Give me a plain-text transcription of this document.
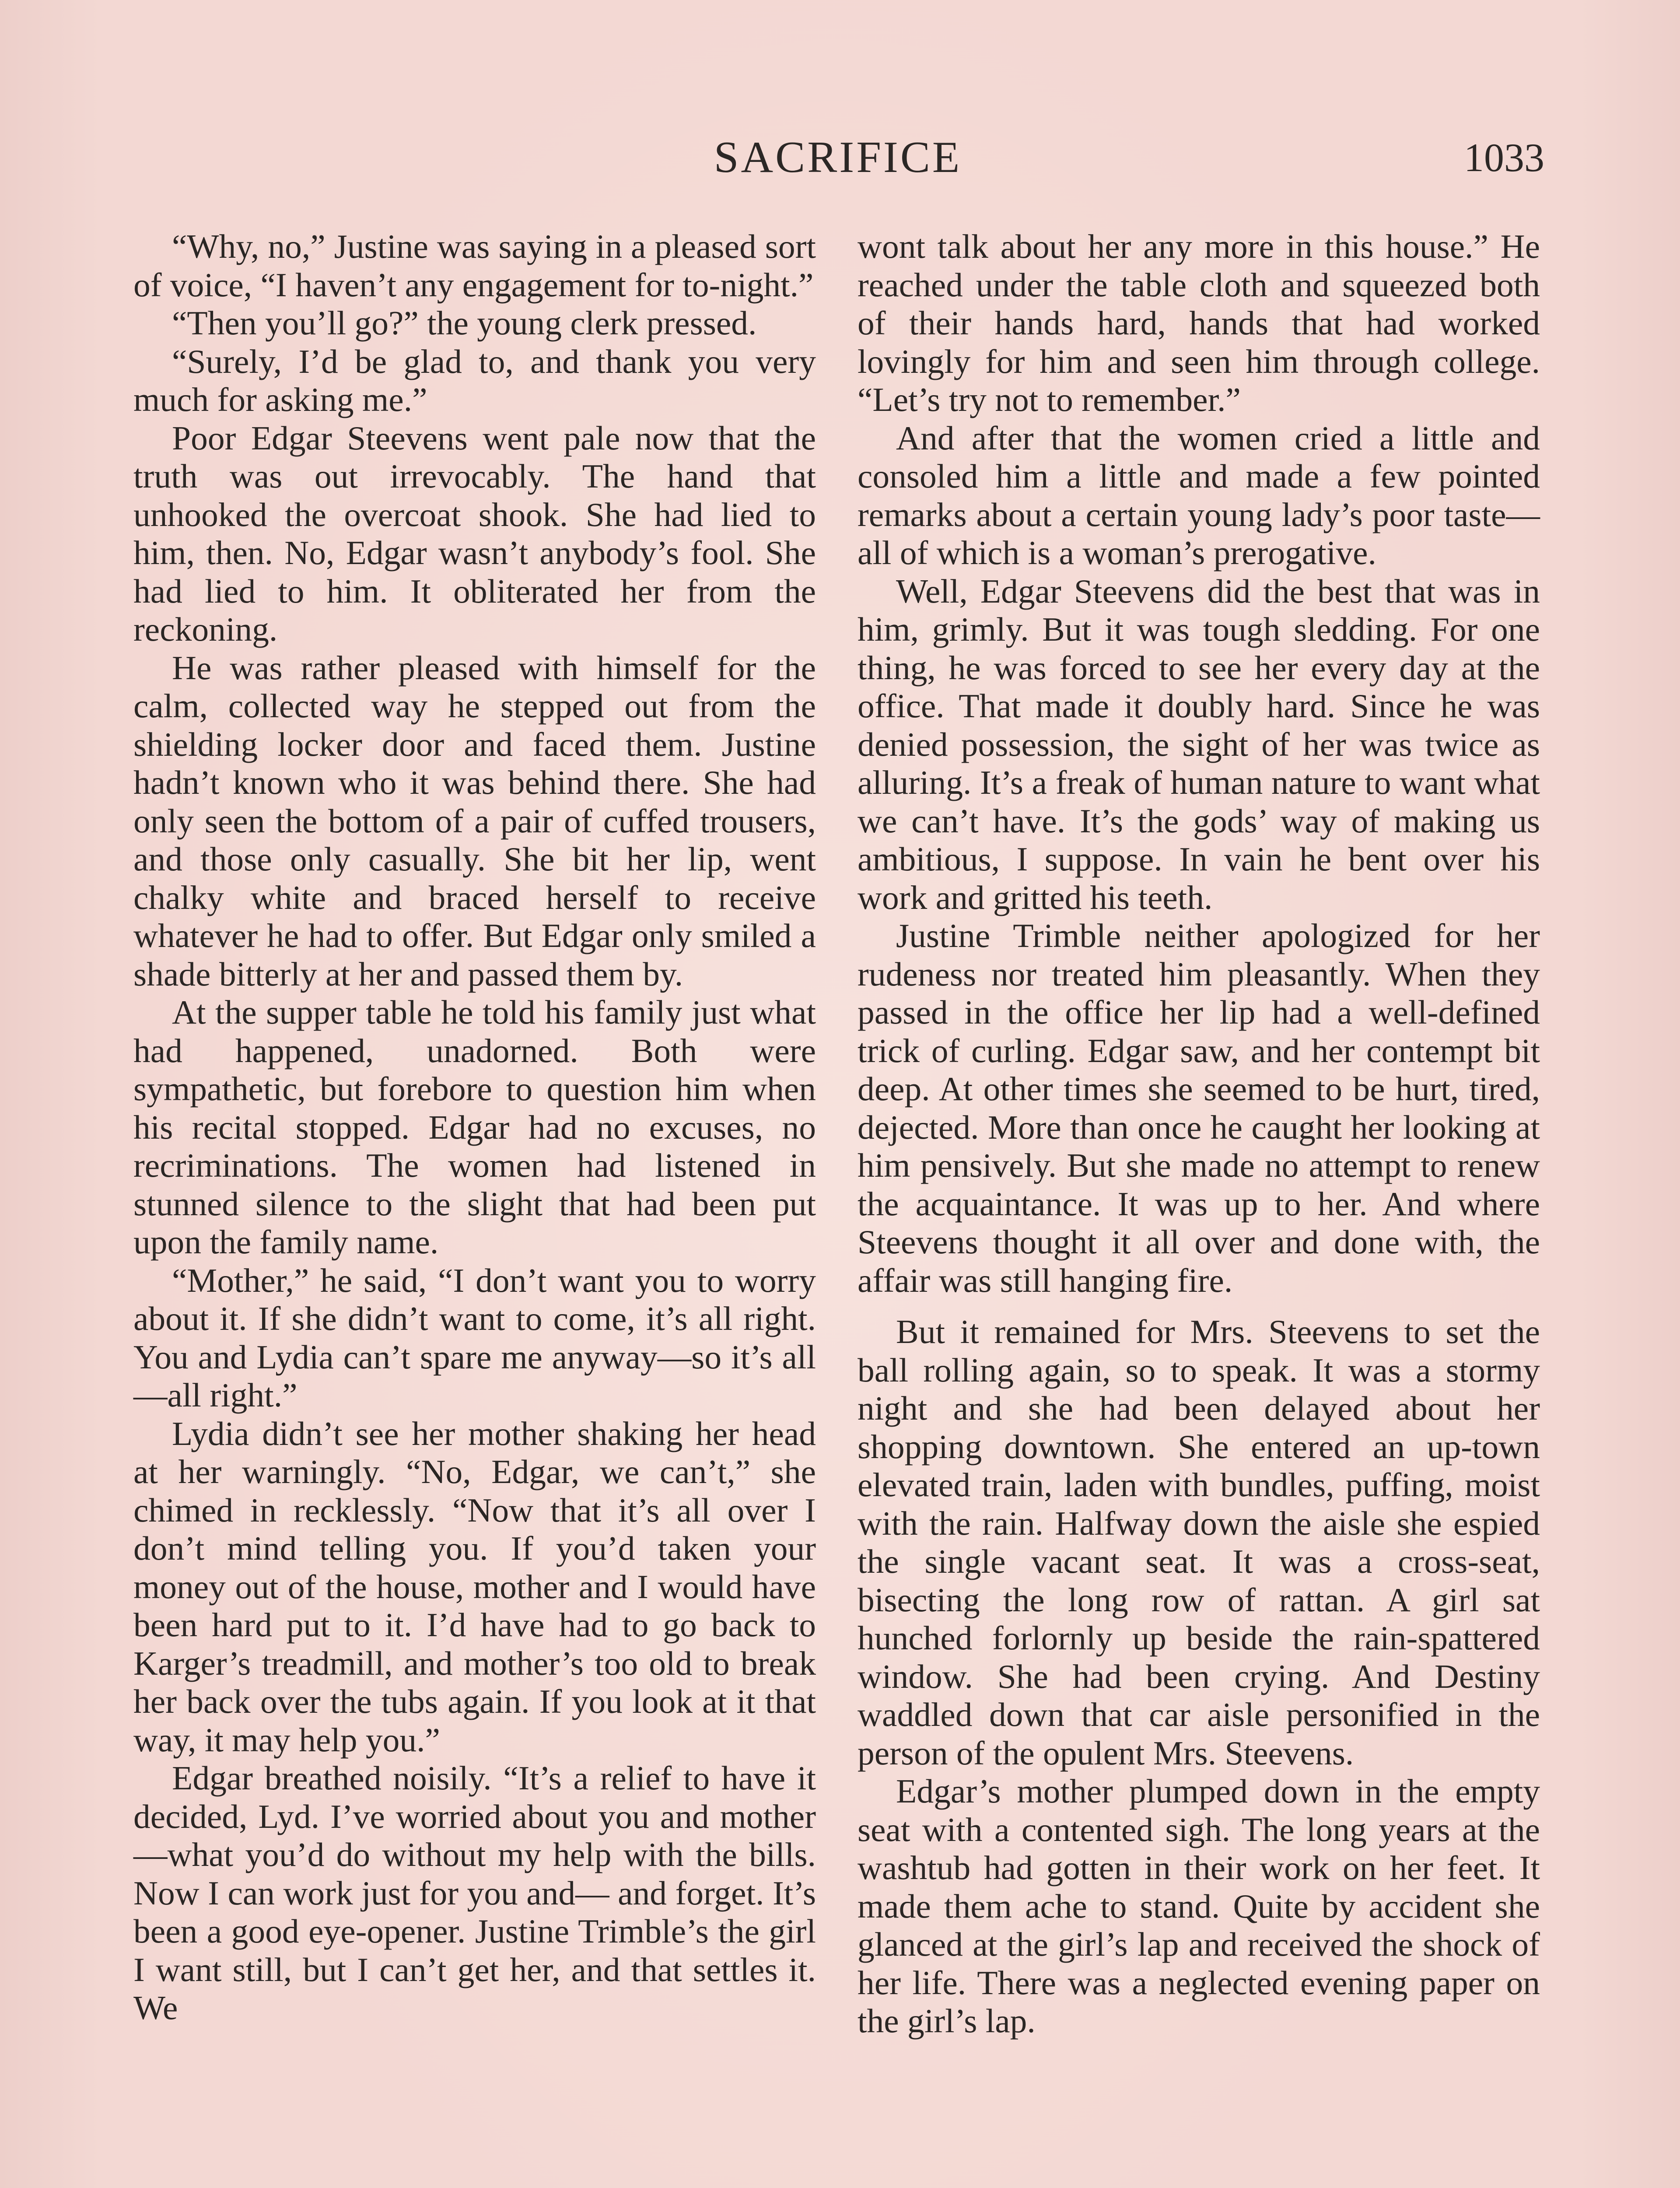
SACRIFICE	1033

“Why, no,” Justine was saying in a pleased sort of voice, “I haven’t any engagement for to-night.”

“Then you’ll go?” the young clerk pressed.

“Surely, I’d be glad to, and thank you very much for asking me.”

Poor Edgar Steevens went pale now that the truth was out irrevocably. The hand that unhooked the overcoat shook. She had lied to him, then. No, Edgar wasn’t anybody’s fool. She had lied to him. It obliterated her from the reckoning.

He was rather pleased with himself for the calm, collected way he stepped out from the shielding locker door and faced them. Justine hadn’t known who it was behind there. She had only seen the bottom of a pair of cuffed trousers, and those only casually. She bit her lip, went chalky white and braced herself to receive whatever he had to offer. But Edgar only smiled a shade bitterly at her and passed them by.

At the supper table he told his family just what had happened, unadorned. Both were sympathetic, but forebore to question him when his recital stopped. Edgar had no excuses, no recriminations. The women had listened in stunned silence to the slight that had been put upon the family name.

“Mother,” he said, “I don’t want you to worry about it. If she didn’t want to come, it’s all right. You and Lydia can’t spare me anyway—so it’s all—all right.”

Lydia didn’t see her mother shaking her head at her warningly. “No, Edgar, we can’t,” she chimed in recklessly. “Now that it’s all over I don’t mind telling you. If you’d taken your money out of the house, mother and I would have been hard put to it. I’d have had to go back to Karger’s treadmill, and mother’s too old to break her back over the tubs again. If you look at it that way, it may help you.”

Edgar breathed noisily. “It’s a relief to have it decided, Lyd. I’ve worried about you and mother—what you’d do without my help with the bills. Now I can work just for you and— and forget. It’s been a good eye-opener. Justine Trimble’s the girl I want still, but I can’t get her, and that settles it. We

wont talk about her any more in this house.” He reached under the table cloth and squeezed both of their hands hard, hands that had worked lovingly for him and seen him through college. “Let’s try not to remember.”

And after that the women cried a little and consoled him a little and made a few pointed remarks about a certain young lady’s poor taste—all of which is a woman’s prerogative.

Well, Edgar Steevens did the best that was in him, grimly. But it was tough sledding. For one thing, he was forced to see her every day at the office. That made it doubly hard. Since he was denied possession, the sight of her was twice as alluring. It’s a freak of human nature to want what we can’t have. It’s the gods’ way of making us ambitious, I suppose. In vain he bent over his work and gritted his teeth.

Justine Trimble neither apologized for her rudeness nor treated him pleasantly. When they passed in the office her lip had a well-defined trick of curling. Edgar saw, and her contempt bit deep. At other times she seemed to be hurt, tired, dejected. More than once he caught her looking at him pensively. But she made no attempt to renew the acquaintance. It was up to her. And where Steevens thought it all over and done with, the affair was still hanging fire.

But it remained for Mrs. Steevens to set the ball rolling again, so to speak. It was a stormy night and she had been delayed about her shopping downtown. She entered an up-town elevated train, laden with bundles, puffing, moist with the rain. Halfway down the aisle she espied the single vacant seat. It was a cross-seat, bisecting the long row of rattan. A girl sat hunched forlornly up beside the rain-spattered window. She had been crying. And Destiny waddled down that car aisle personified in the person of the opulent Mrs. Steevens.

Edgar’s mother plumped down in the empty seat with a contented sigh. The long years at the washtub had gotten in their work on her feet. It made them ache to stand. Quite by accident she glanced at the girl’s lap and received the shock of her life. There was a neglected evening paper on the girl’s lap.
